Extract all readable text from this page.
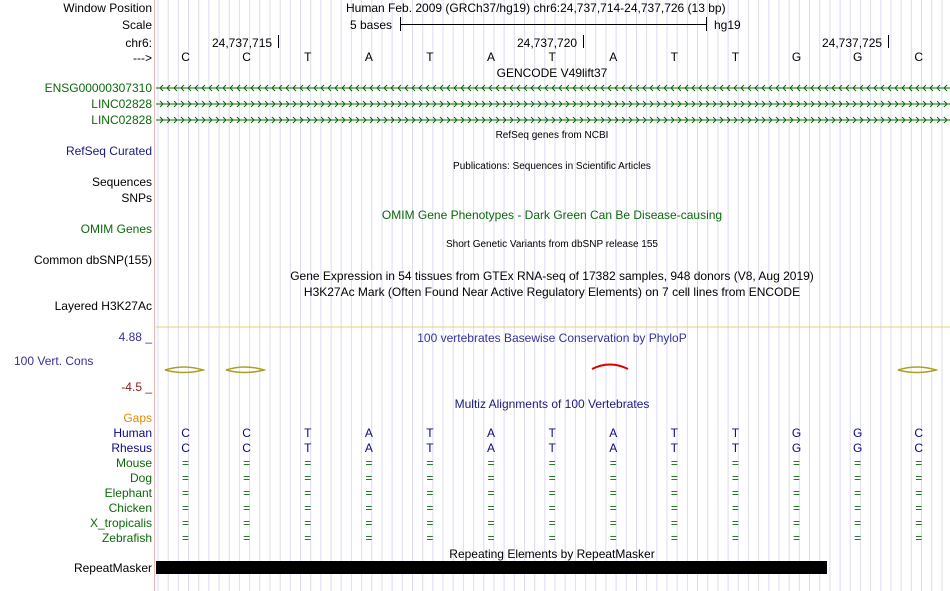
Window Position
Scale
chr6:
--->
Human Feb. 2009 (GRCh37/hg19) chr6:24,737,714-24,737,726 (13 bp)
5 bases	hg19
24,737,715	24,737,720	24,737,725
C	C	T	A	T	A	T	A	T	T	G	G	C
GENCODE V49lift37
ENSG00000307310
LINC02828
LINC02828
RefSeq genes from NCBI
RefSeq Curated
Publications: Sequences in Scientific Articles
Sequences
SNPs
OMIM Gene Phenotypes - Dark Green Can Be Disease-causing
OMIM Genes
Short Genetic Variants from dbSNP release 155
Common dbSNP(155)
Gene Expression in 54 tissues from GTEx RNA-seq of 17382 samples, 948 donors (V8, Aug 2019)
H3K27Ac Mark (Often Found Near Active Regulatory Elements) on 7 cell lines from ENCODE
Layered H3K27Ac
100 vertebrates Basewise Conservation by PhyloP
4.88 _
100 Vert. Cons
-4.5 _
Multiz Alignments of 100 Vertebrates
Gaps
Human C	C	T	A	T	A	T	A	T	T	G	G	C
Rhesus C	C	T	A	T	A	T	A	T	T	G	G	C
Mouse	=	=	=	=	=	=	=	=	=	=	=	=	=
Dog	=	=	=	=	=	=	=	=	=	=	=	=	=
Elephant	=	=	=	=	=	=	=	=	=	=	=	=	=
Chicken	=	=	=	=	=	=	=	=	=	=	=	=	=
X_tropicalis	=	=	=	=	=	=	=	=	=	=	=	=	=
Zebrafish	=	=	=	=	=	=	=	=	=	=	=	=	=
Repeating Elements by RepeatMasker
RepeatMasker
